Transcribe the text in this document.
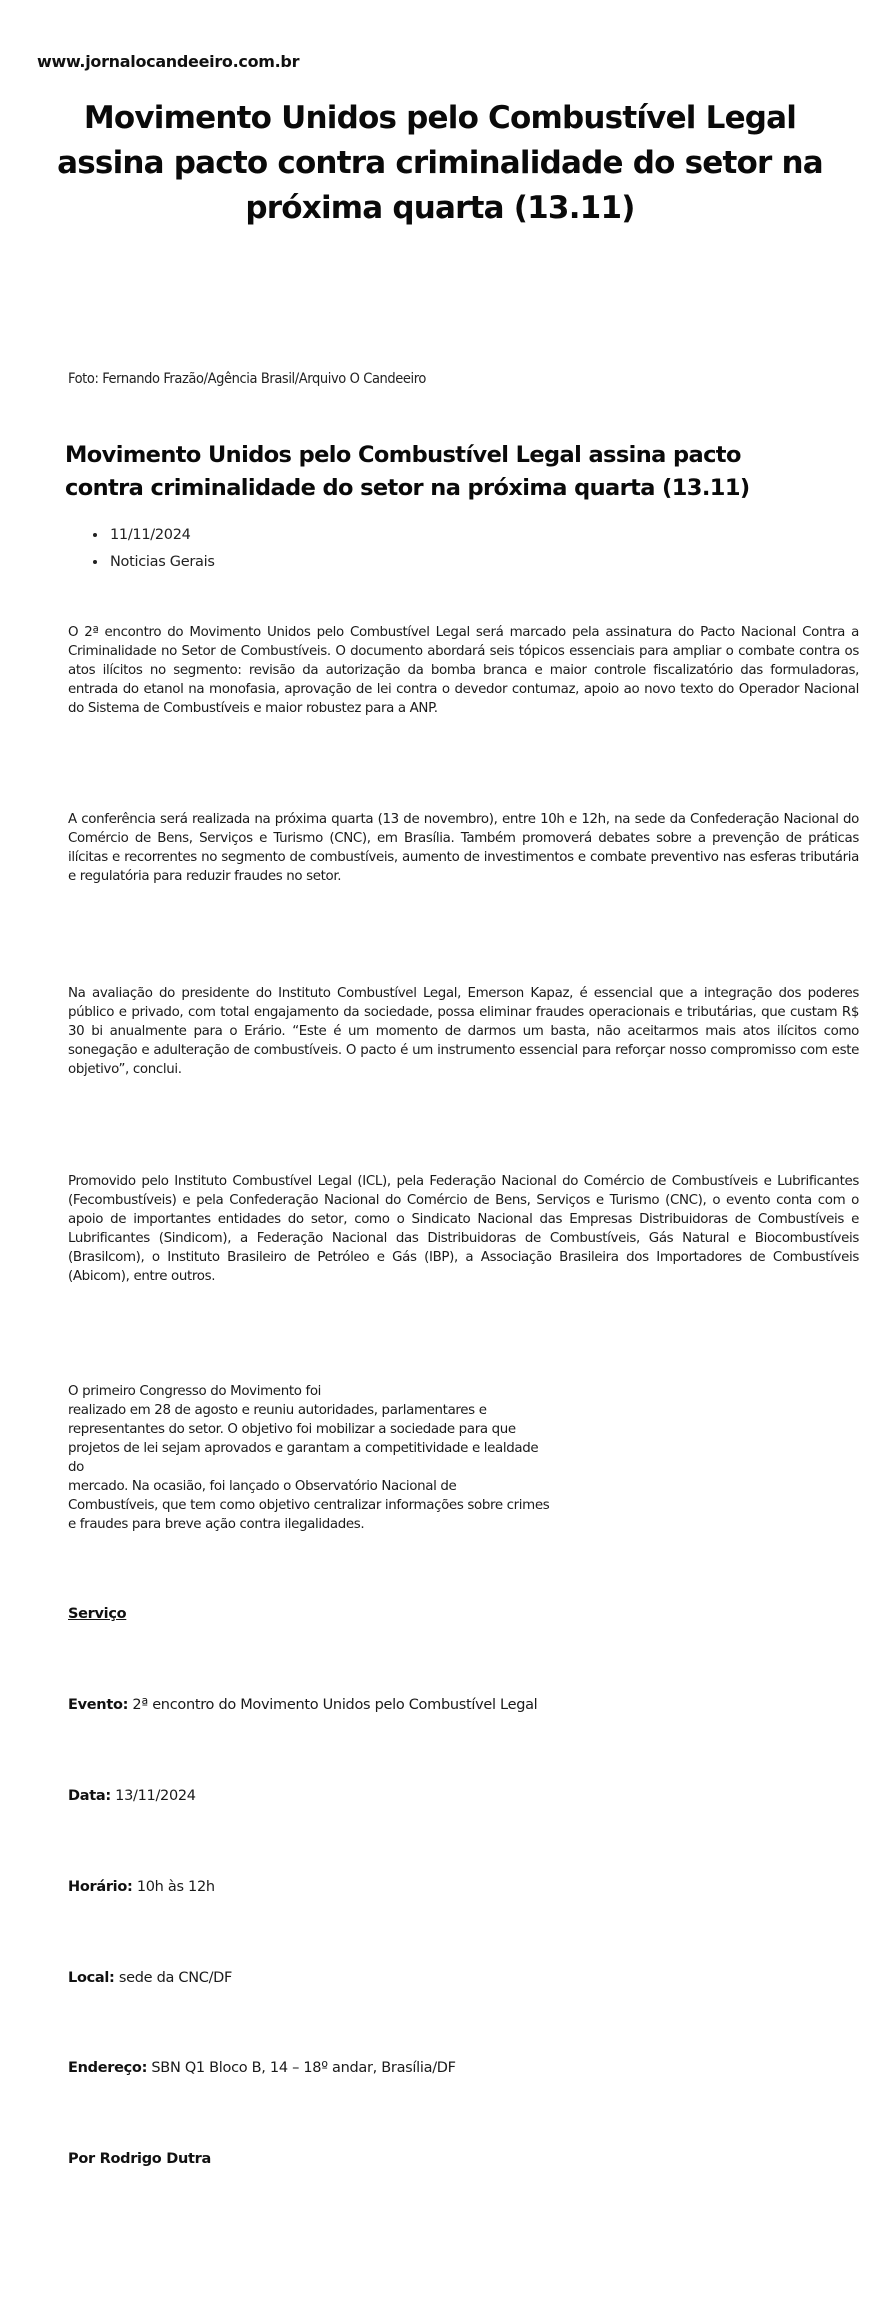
www.jornalocandeeiro.com.br
Movimento Unidos pelo Combustível Legal assina pacto contra criminalidade do setor na próxima quarta (13.11)
Foto: Fernando Frazão/Agência Brasil/Arquivo O Candeeiro
Movimento Unidos pelo Combustível Legal assina pacto contra criminalidade do setor na próxima quarta (13.11)
• 11/11/2024
• Noticias Gerais

O 2ª encontro do Movimento Unidos pelo Combustível Legal será marcado pela assinatura do Pacto Nacional Contra a Criminalidade no Setor de Combustíveis. O documento abordará seis tópicos essenciais para ampliar o combate contra os atos ilícitos no segmento: revisão da autorização da bomba branca e maior controle fiscalizatório das formuladoras, entrada do etanol na monofasia, aprovação de lei contra o devedor contumaz, apoio ao novo texto do Operador Nacional do Sistema de Combustíveis e maior robustez para a ANP.

A conferência será realizada na próxima quarta (13 de novembro), entre 10h e 12h, na sede da Confederação Nacional do Comércio de Bens, Serviços e Turismo (CNC), em Brasília. Também promoverá debates sobre a prevenção de práticas ilícitas e recorrentes no segmento de combustíveis, aumento de investimentos e combate preventivo nas esferas tributária e regulatória para reduzir fraudes no setor.

Na avaliação do presidente do Instituto Combustível Legal, Emerson Kapaz, é essencial que a integração dos poderes público e privado, com total engajamento da sociedade, possa eliminar fraudes operacionais e tributárias, que custam R$ 30 bi anualmente para o Erário. “Este é um momento de darmos um basta, não aceitarmos mais atos ilícitos como sonegação e adulteração de combustíveis. O pacto é um instrumento essencial para reforçar nosso compromisso com este objetivo”, conclui.

Promovido pelo Instituto Combustível Legal (ICL), pela Federação Nacional do Comércio de Combustíveis e Lubrificantes (Fecombustíveis) e pela Confederação Nacional do Comércio de Bens, Serviços e Turismo (CNC), o evento conta com o apoio de importantes entidades do setor, como o Sindicato Nacional das Empresas Distribuidoras de Combustíveis e Lubrificantes (Sindicom), a Federação Nacional das Distribuidoras de Combustíveis, Gás Natural e Biocombustíveis (Brasilcom), o Instituto Brasileiro de Petróleo e Gás (IBP), a Associação Brasileira dos Importadores de Combustíveis (Abicom), entre outros.

O primeiro Congresso do Movimento foi
realizado em 28 de agosto e reuniu autoridades, parlamentares e
representantes do setor. O objetivo foi mobilizar a sociedade para que
projetos de lei sejam aprovados e garantam a competitividade e lealdade
do
mercado. Na ocasião, foi lançado o Observatório Nacional de
Combustíveis, que tem como objetivo centralizar informações sobre crimes
e fraudes para breve ação contra ilegalidades.

Serviço
Evento: 2ª encontro do Movimento Unidos pelo Combustível Legal
Data: 13/11/2024
Horário: 10h às 12h
Local: sede da CNC/DF
Endereço: SBN Q1 Bloco B, 14 – 18º andar, Brasília/DF
Por Rodrigo Dutra
